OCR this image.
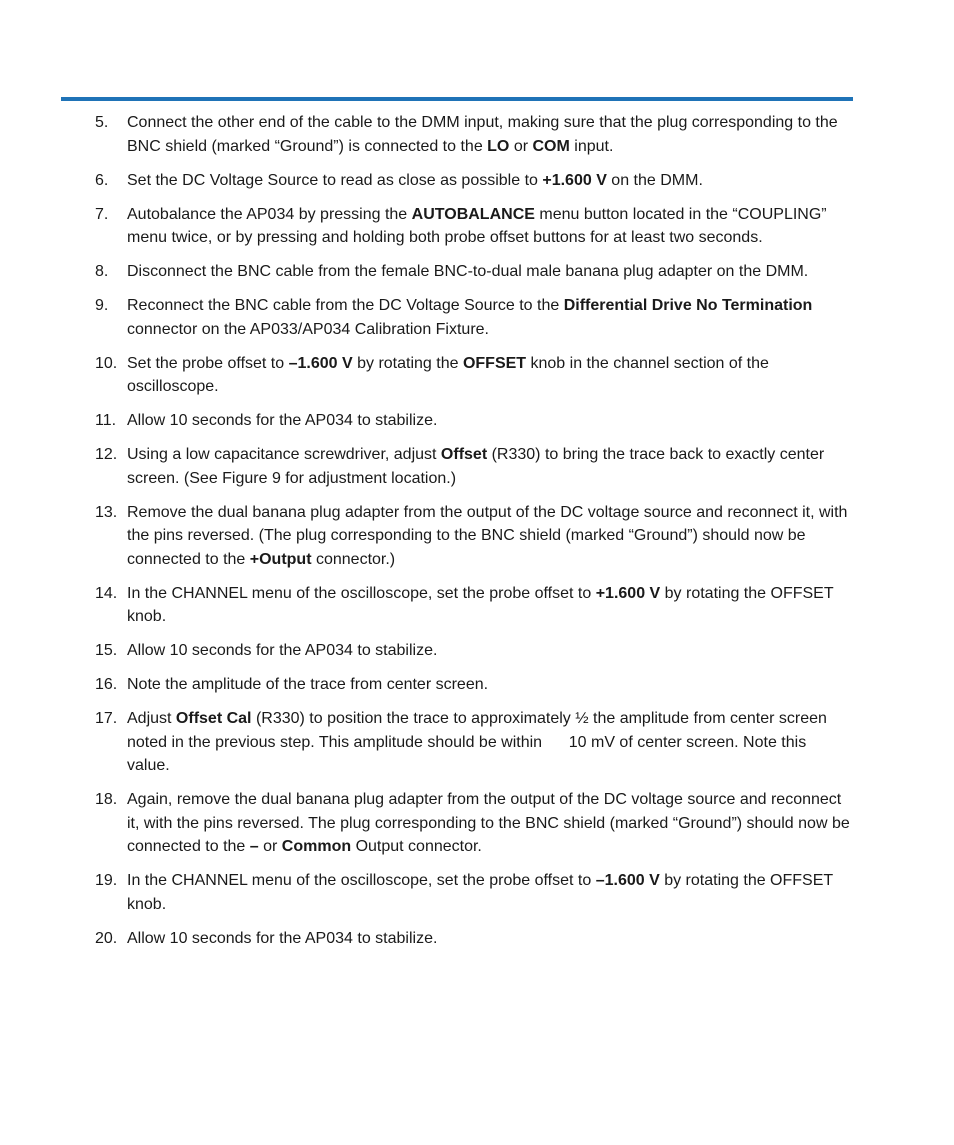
5.	Connect the other end of the cable to the DMM input, making sure that the plug corresponding to the BNC shield (marked “Ground”) is connected to the LO or COM input.
6.	Set the DC Voltage Source to read as close as possible to +1.600 V on the DMM.
7.	Autobalance the AP034 by pressing the AUTOBALANCE menu button located in the “COUPLING” menu twice, or by pressing and holding both probe offset buttons for at least two seconds.
8.	Disconnect the BNC cable from the female BNC-to-dual male banana plug adapter on the DMM.
9.	Reconnect the BNC cable from the DC Voltage Source to the Differential Drive No Termination connector on the AP033/AP034 Calibration Fixture.
10. Set the probe offset to –1.600 V by rotating the OFFSET knob in the channel section of the oscilloscope.
11. Allow 10 seconds for the AP034 to stabilize.
12. Using a low capacitance screwdriver, adjust Offset (R330) to bring the trace back to exactly center screen. (See Figure 9 for adjustment location.)
13. Remove the dual banana plug adapter from the output of the DC voltage source and reconnect it, with the pins reversed. (The plug corresponding to the BNC shield (marked “Ground”) should now be connected to the +Output connector.)
14. In the CHANNEL menu of the oscilloscope, set the probe offset to +1.600 V by rotating the OFFSET knob.
15. Allow 10 seconds for the AP034 to stabilize.
16. Note the amplitude of the trace from center screen.
17. Adjust Offset Cal (R330) to position the trace to approximately ½ the amplitude from center screen noted in the previous step. This amplitude should be within      10 mV of center screen. Note this value.
18. Again, remove the dual banana plug adapter from the output of the DC voltage source and reconnect it, with the pins reversed. The plug corresponding to the BNC shield (marked “Ground”) should now be connected to the – or Common Output connector.
19. In the CHANNEL menu of the oscilloscope, set the probe offset to –1.600 V by rotating the OFFSET knob.
20. Allow 10 seconds for the AP034 to stabilize.
